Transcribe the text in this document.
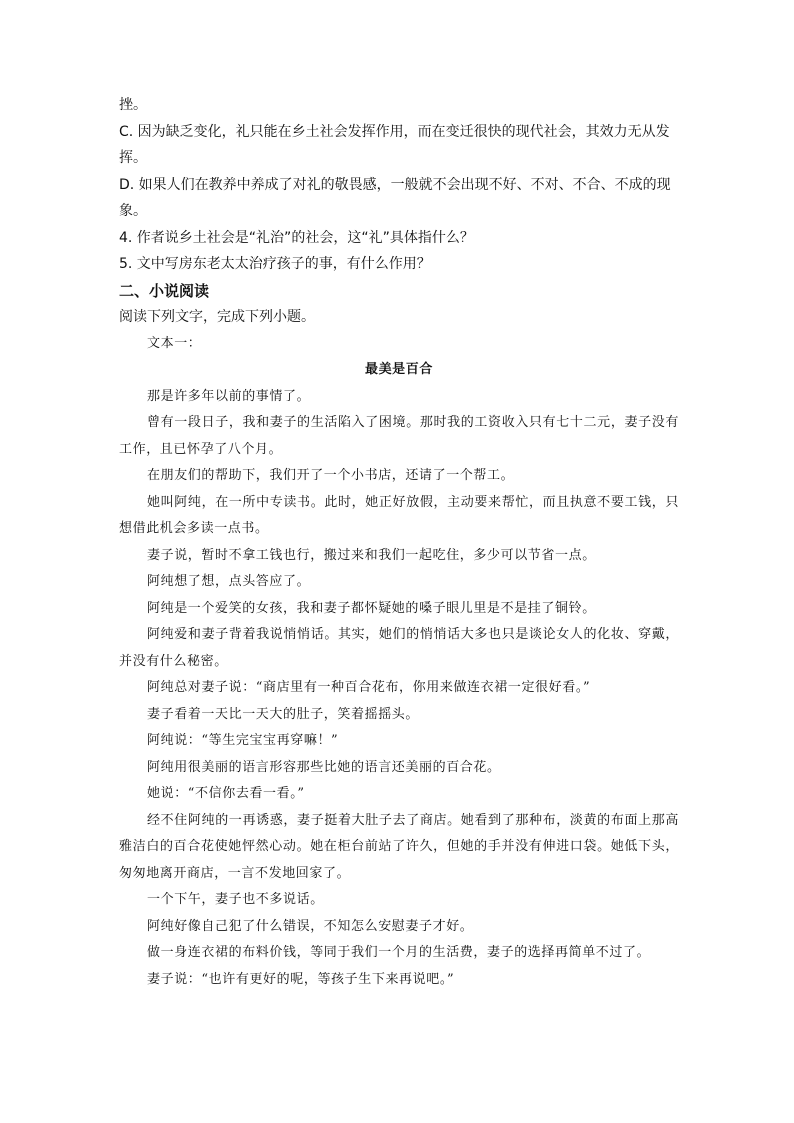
挫。
C. 因为缺乏变化，礼只能在乡土社会发挥作用，而在变迁很快的现代社会，其效力无从发
挥。
D. 如果人们在教养中养成了对礼的敬畏感，一般就不会出现不好、不对、不合、不成的现
象。
4. 作者说乡土社会是“礼治”的社会，这“礼”具体指什么？
5. 文中写房东老太太治疗孩子的事，有什么作用？
二、小说阅读
阅读下列文字，完成下列小题。
文本一：
最美是百合
那是许多年以前的事情了。
曾有一段日子，我和妻子的生活陷入了困境。那时我的工资收入只有七十二元，妻子没有工作，且已怀孕了八个月。
在朋友们的帮助下，我们开了一个小书店，还请了一个帮工。
她叫阿纯，在一所中专读书。此时，她正好放假，主动要来帮忙，而且执意不要工钱，只想借此机会多读一点书。
妻子说，暂时不拿工钱也行，搬过来和我们一起吃住，多少可以节省一点。
阿纯想了想，点头答应了。
阿纯是一个爱笑的女孩，我和妻子都怀疑她的嗓子眼儿里是不是挂了铜铃。
阿纯爱和妻子背着我说悄悄话。其实，她们的悄悄话大多也只是谈论女人的化妆、穿戴，并没有什么秘密。
阿纯总对妻子说：“商店里有一种百合花布，你用来做连衣裙一定很好看。”
妻子看着一天比一天大的肚子，笑着摇摇头。
阿纯说：“等生完宝宝再穿嘛！”
阿纯用很美丽的语言形容那些比她的语言还美丽的百合花。
她说：“不信你去看一看。”
经不住阿纯的一再诱惑，妻子挺着大肚子去了商店。她看到了那种布，淡黄的布面上那高雅洁白的百合花使她怦然心动。她在柜台前站了许久，但她的手并没有伸进口袋。她低下头，匆匆地离开商店，一言不发地回家了。
一个下午，妻子也不多说话。
阿纯好像自己犯了什么错误，不知怎么安慰妻子才好。
做一身连衣裙的布料价钱，等同于我们一个月的生活费，妻子的选择再简单不过了。
妻子说：“也许有更好的呢，等孩子生下来再说吧。”
